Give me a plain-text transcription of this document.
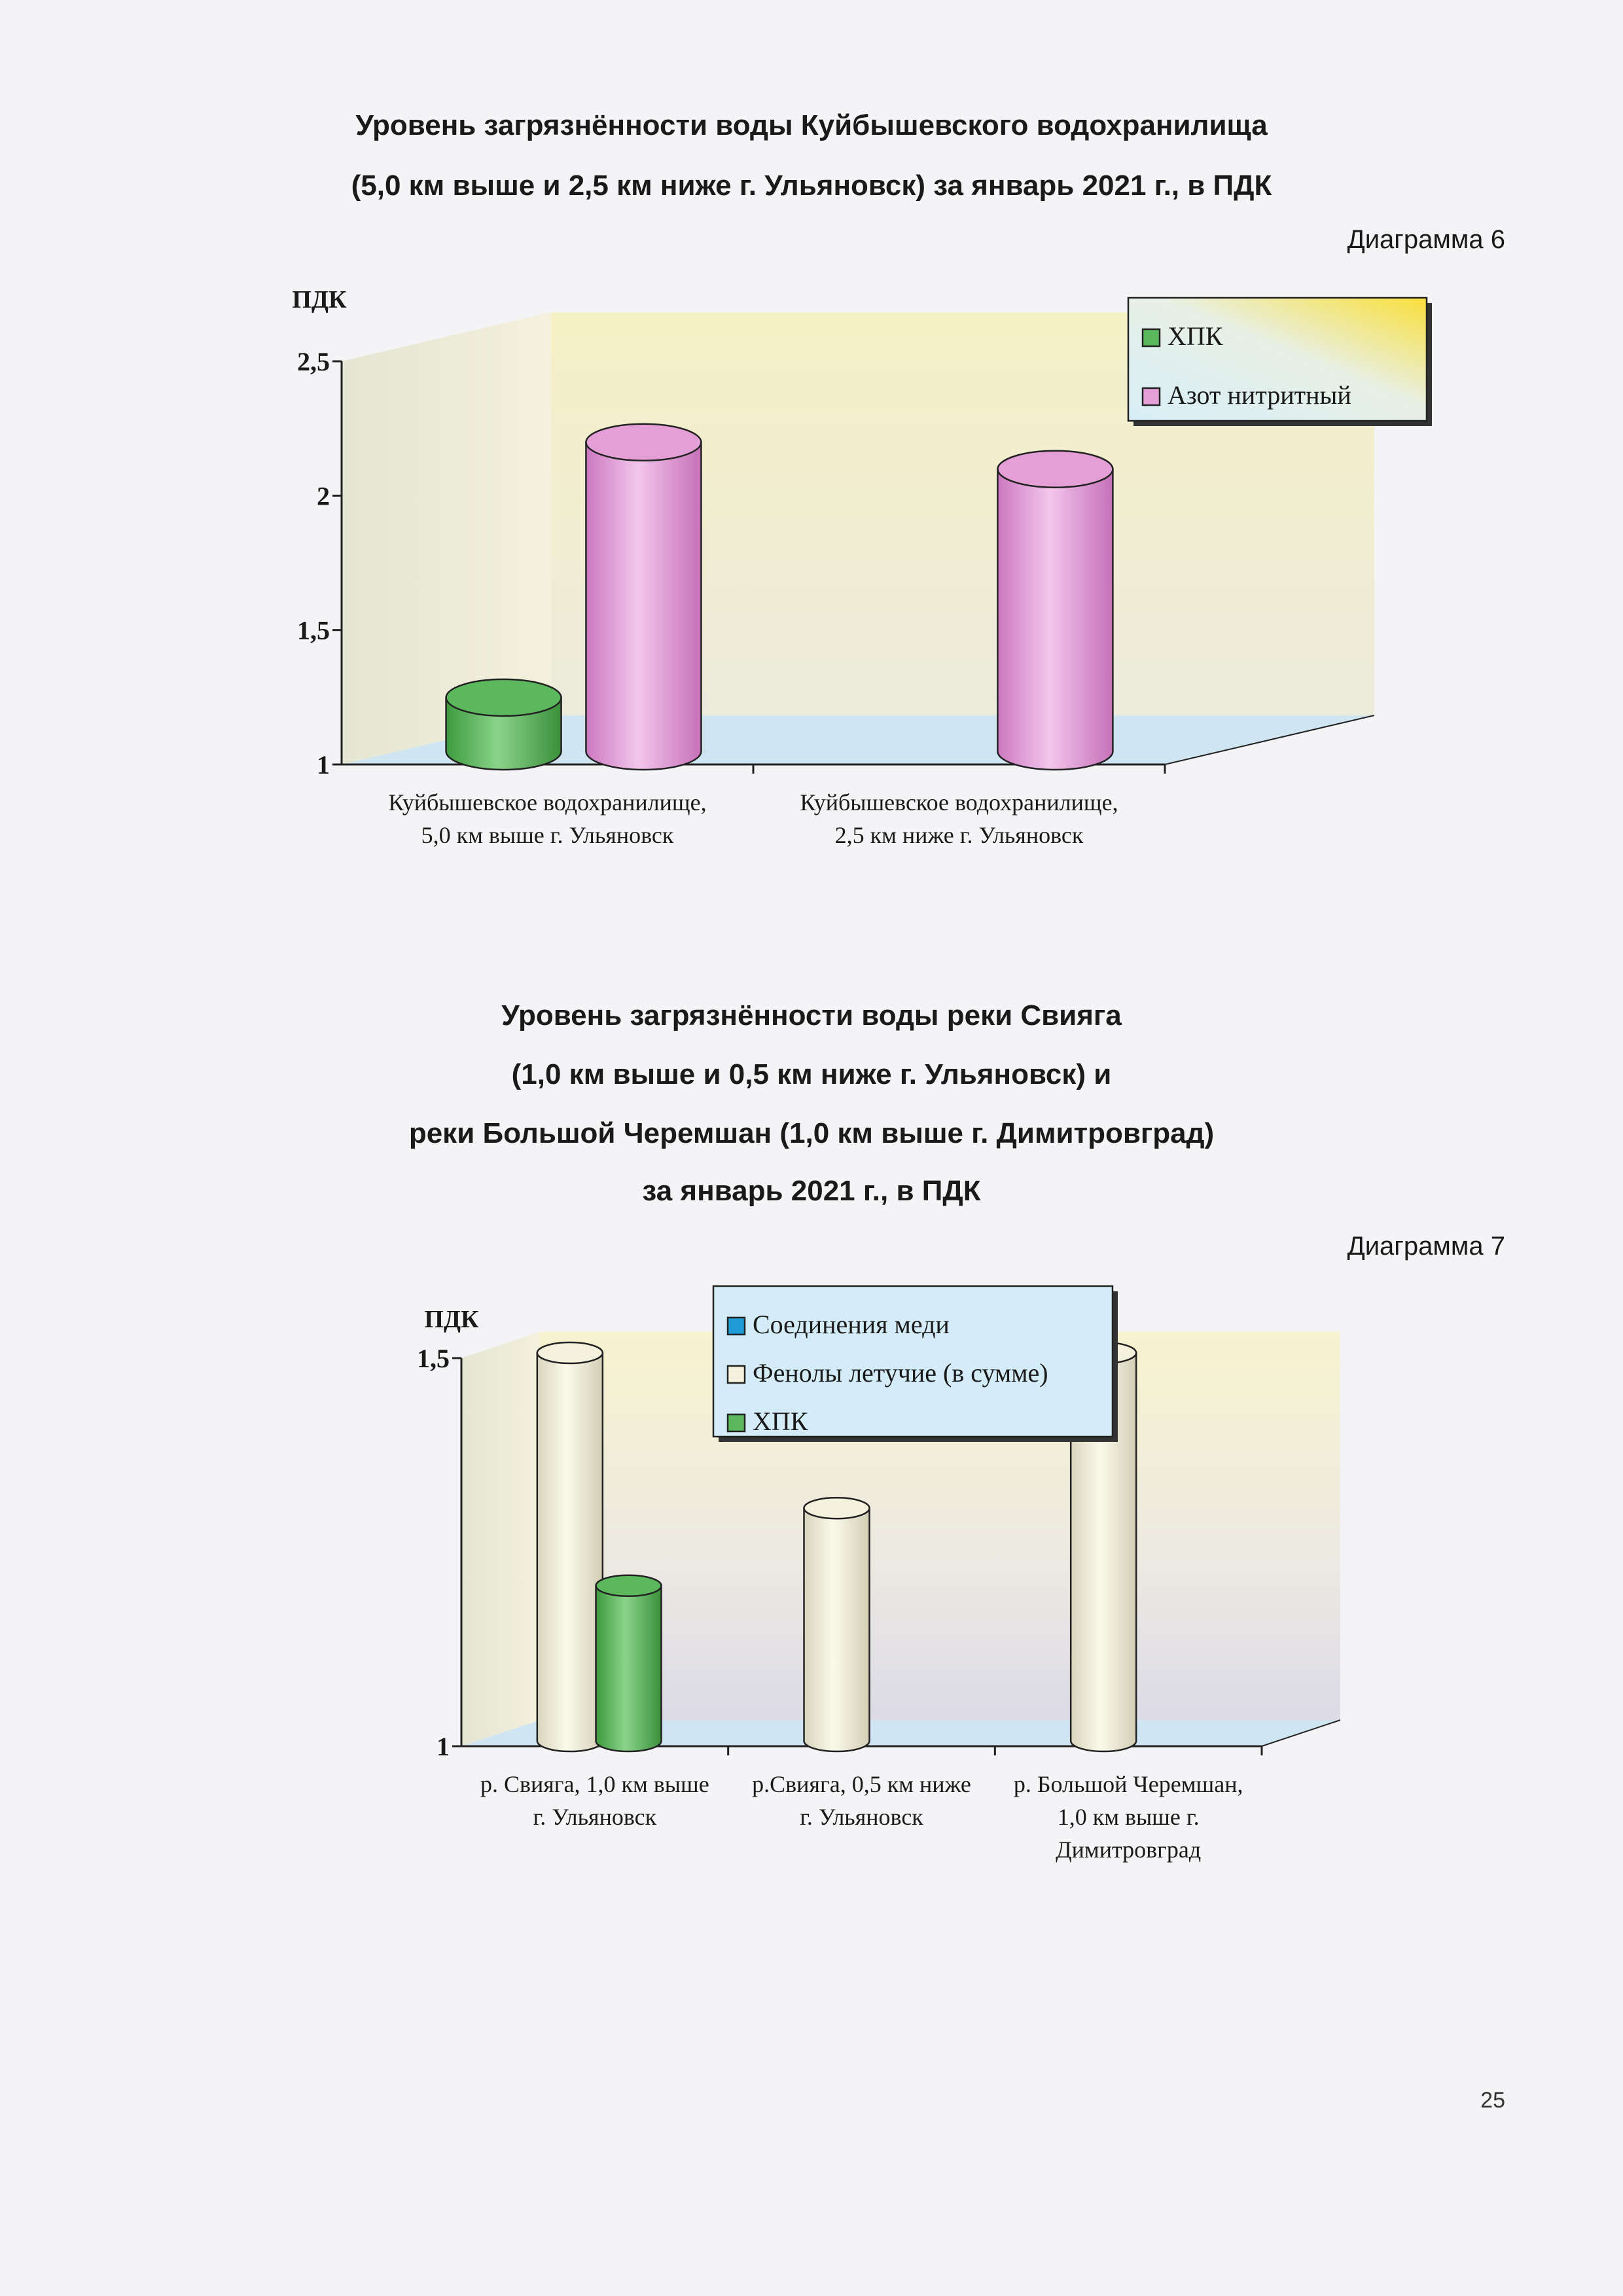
Уровень загрязнённости воды Куйбышевского водохранилища
(5,0 км выше и 2,5 км ниже г. Ульяновск) за январь 2021 г., в ПДК
Диаграмма 6
Уровень загрязнённости воды реки Свияга
(1,0 км выше и 0,5 км ниже г. Ульяновск) и
реки Большой Черемшан (1,0 км выше г. Димитровград)
за январь 2021 г., в ПДК
Диаграмма 7
25
1
1,5
2
2,5
ПДК
Куйбышевское водохранилище,
5,0 км выше г. Ульяновск
Куйбышевское водохранилище,
2,5 км ниже г. Ульяновск
ХПК
Азот нитритный
1
1,5
ПДК
р. Свияга, 1,0 км выше
г. Ульяновск
р.Свияга, 0,5 км ниже
г. Ульяновск
р. Большой Черемшан,
1,0 км выше г.
Димитровград
Соединения меди
Фенолы летучие (в сумме)
ХПК
